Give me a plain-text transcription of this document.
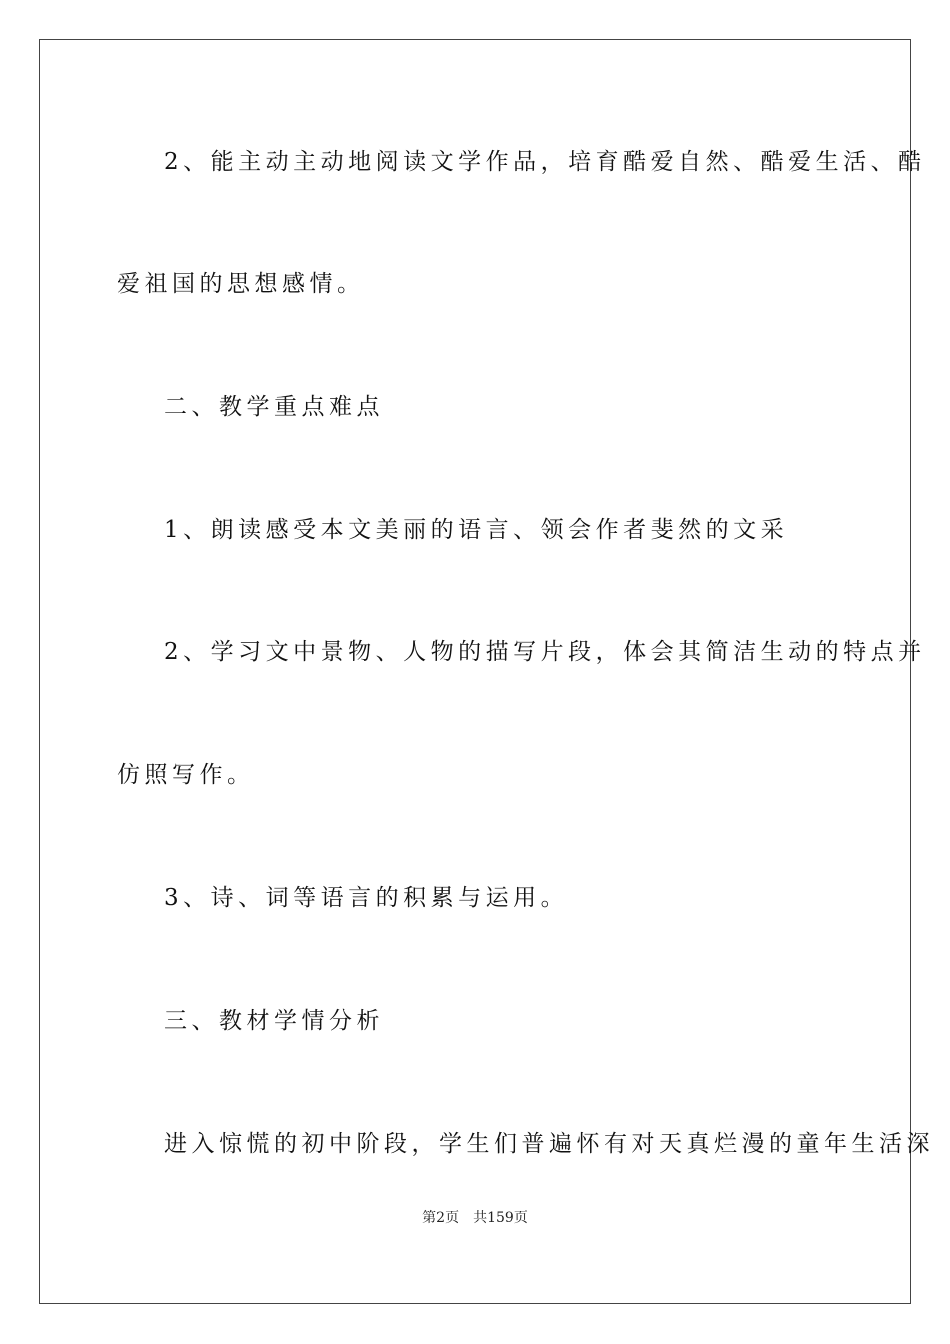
2、能主动主动地阅读文学作品，培育酷爱自然、酷爱生活、酷
爱祖国的思想感情。
二、教学重点难点
1、朗读感受本文美丽的语言、领会作者斐然的文采
2、学习文中景物、人物的描写片段，体会其简洁生动的特点并
仿照写作。
3、诗、词等语言的积累与运用。
三、教材学情分析
进入惊慌的初中阶段，学生们普遍怀有对天真烂漫的童年生活深
第2页 共159页
